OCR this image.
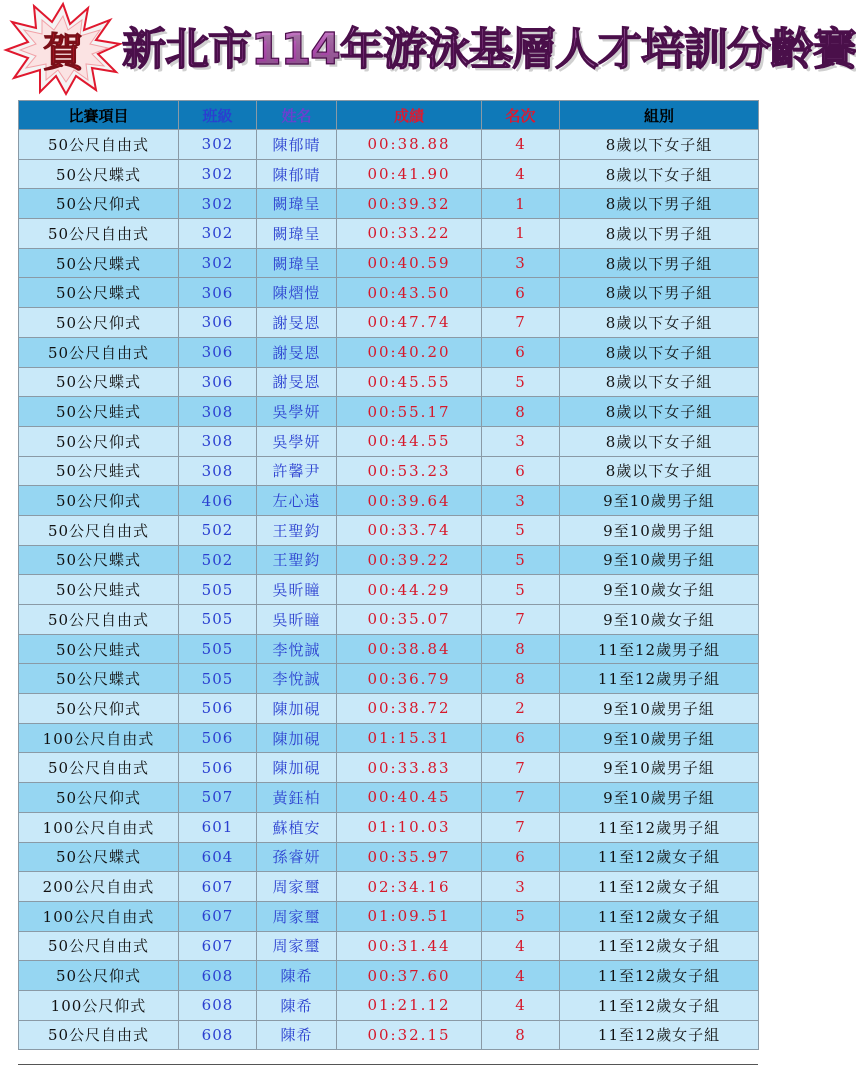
賀 新北市114年游泳基層人才培訓分齡賽
比賽項目	班級	姓名	成績	名次	組別
50公尺自由式	302	陳郁晴	00:38.88	4	8歲以下女子組
50公尺蝶式	302	陳郁晴	00:41.90	4	8歲以下女子組
50公尺仰式	302	闕瑋呈	00:39.32	1	8歲以下男子組
50公尺自由式	302	闕瑋呈	00:33.22	1	8歲以下男子組
50公尺蝶式	302	闕瑋呈	00:40.59	3	8歲以下男子組
50公尺蝶式	306	陳熠愷	00:43.50	6	8歲以下男子組
50公尺仰式	306	謝旻恩	00:47.74	7	8歲以下女子組
50公尺自由式	306	謝旻恩	00:40.20	6	8歲以下女子組
50公尺蝶式	306	謝旻恩	00:45.55	5	8歲以下女子組
50公尺蛙式	308	吳學妍	00:55.17	8	8歲以下女子組
50公尺仰式	308	吳學妍	00:44.55	3	8歲以下女子組
50公尺蛙式	308	許馨尹	00:53.23	6	8歲以下女子組
50公尺仰式	406	左心遠	00:39.64	3	9至10歲男子組
50公尺自由式	502	王聖鈞	00:33.74	5	9至10歲男子組
50公尺蝶式	502	王聖鈞	00:39.22	5	9至10歲男子組
50公尺蛙式	505	吳昕瞳	00:44.29	5	9至10歲女子組
50公尺自由式	505	吳昕瞳	00:35.07	7	9至10歲女子組
50公尺蛙式	505	李悅誠	00:38.84	8	11至12歲男子組
50公尺蝶式	505	李悅誠	00:36.79	8	11至12歲男子組
50公尺仰式	506	陳加硯	00:38.72	2	9至10歲男子組
100公尺自由式	506	陳加硯	01:15.31	6	9至10歲男子組
50公尺自由式	506	陳加硯	00:33.83	7	9至10歲男子組
50公尺仰式	507	黃鈺柏	00:40.45	7	9至10歲男子組
100公尺自由式	601	蘇植安	01:10.03	7	11至12歲男子組
50公尺蝶式	604	孫睿妍	00:35.97	6	11至12歲女子組
200公尺自由式	607	周家璽	02:34.16	3	11至12歲女子組
100公尺自由式	607	周家璽	01:09.51	5	11至12歲女子組
50公尺自由式	607	周家璽	00:31.44	4	11至12歲女子組
50公尺仰式	608	陳希	00:37.60	4	11至12歲女子組
100公尺仰式	608	陳希	01:21.12	4	11至12歲女子組
50公尺自由式	608	陳希	00:32.15	8	11至12歲女子組
